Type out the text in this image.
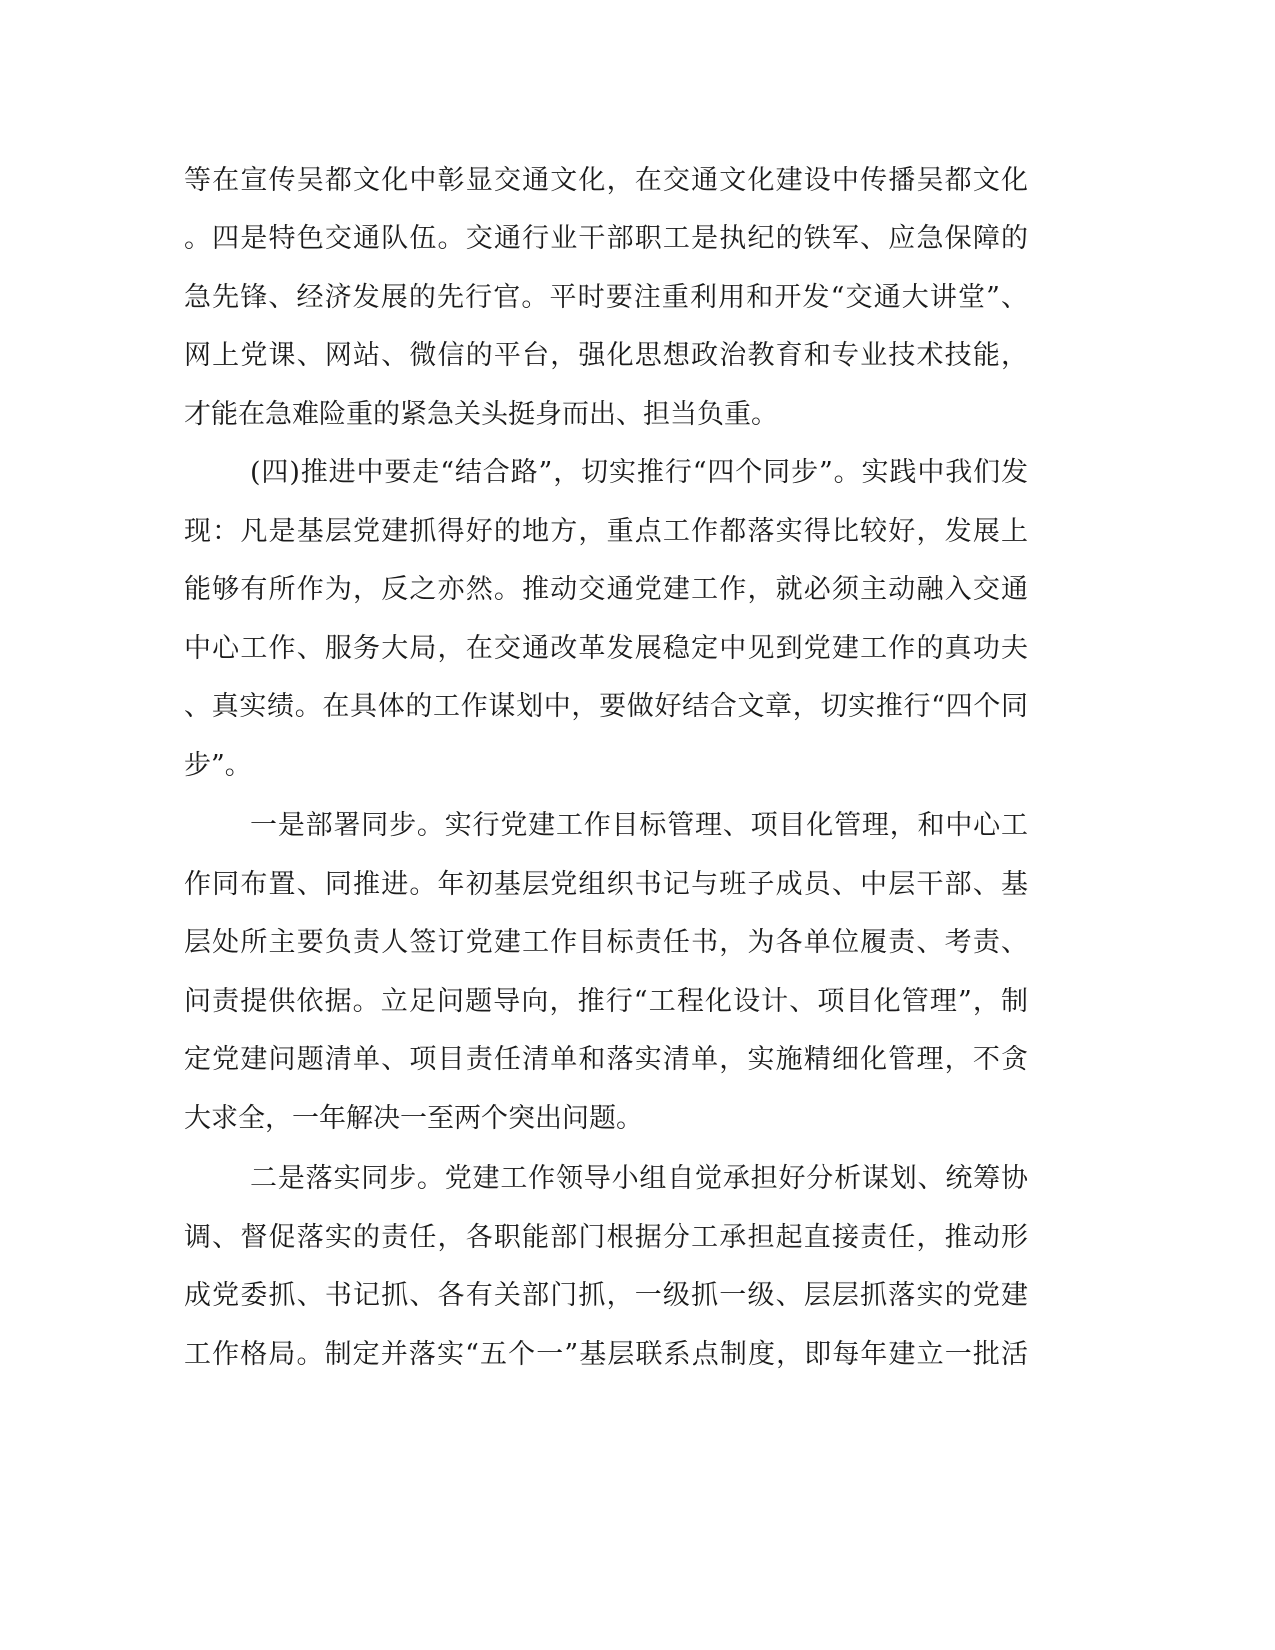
等在宣传吴都文化中彰显交通文化，在交通文化建设中传播吴都文化
。四是特色交通队伍。交通行业干部职工是执纪的铁军、应急保障的
急先锋、经济发展的先行官。平时要注重利用和开发“交通大讲堂”、
网上党课、网站、微信的平台，强化思想政治教育和专业技术技能，
才能在急难险重的紧急关头挺身而出、担当负重。
(四)推进中要走“结合路”，切实推行“四个同步”。实践中我们发
现：凡是基层党建抓得好的地方，重点工作都落实得比较好，发展上
能够有所作为，反之亦然。推动交通党建工作，就必须主动融入交通
中心工作、服务大局，在交通改革发展稳定中见到党建工作的真功夫
、真实绩。在具体的工作谋划中，要做好结合文章，切实推行“四个同
步”。
一是部署同步。实行党建工作目标管理、项目化管理，和中心工
作同布置、同推进。年初基层党组织书记与班子成员、中层干部、基
层处所主要负责人签订党建工作目标责任书，为各单位履责、考责、
问责提供依据。立足问题导向，推行“工程化设计、项目化管理”，制
定党建问题清单、项目责任清单和落实清单，实施精细化管理，不贪
大求全，一年解决一至两个突出问题。
二是落实同步。党建工作领导小组自觉承担好分析谋划、统筹协
调、督促落实的责任，各职能部门根据分工承担起直接责任，推动形
成党委抓、书记抓、各有关部门抓，一级抓一级、层层抓落实的党建
工作格局。制定并落实“五个一”基层联系点制度，即每年建立一批活
